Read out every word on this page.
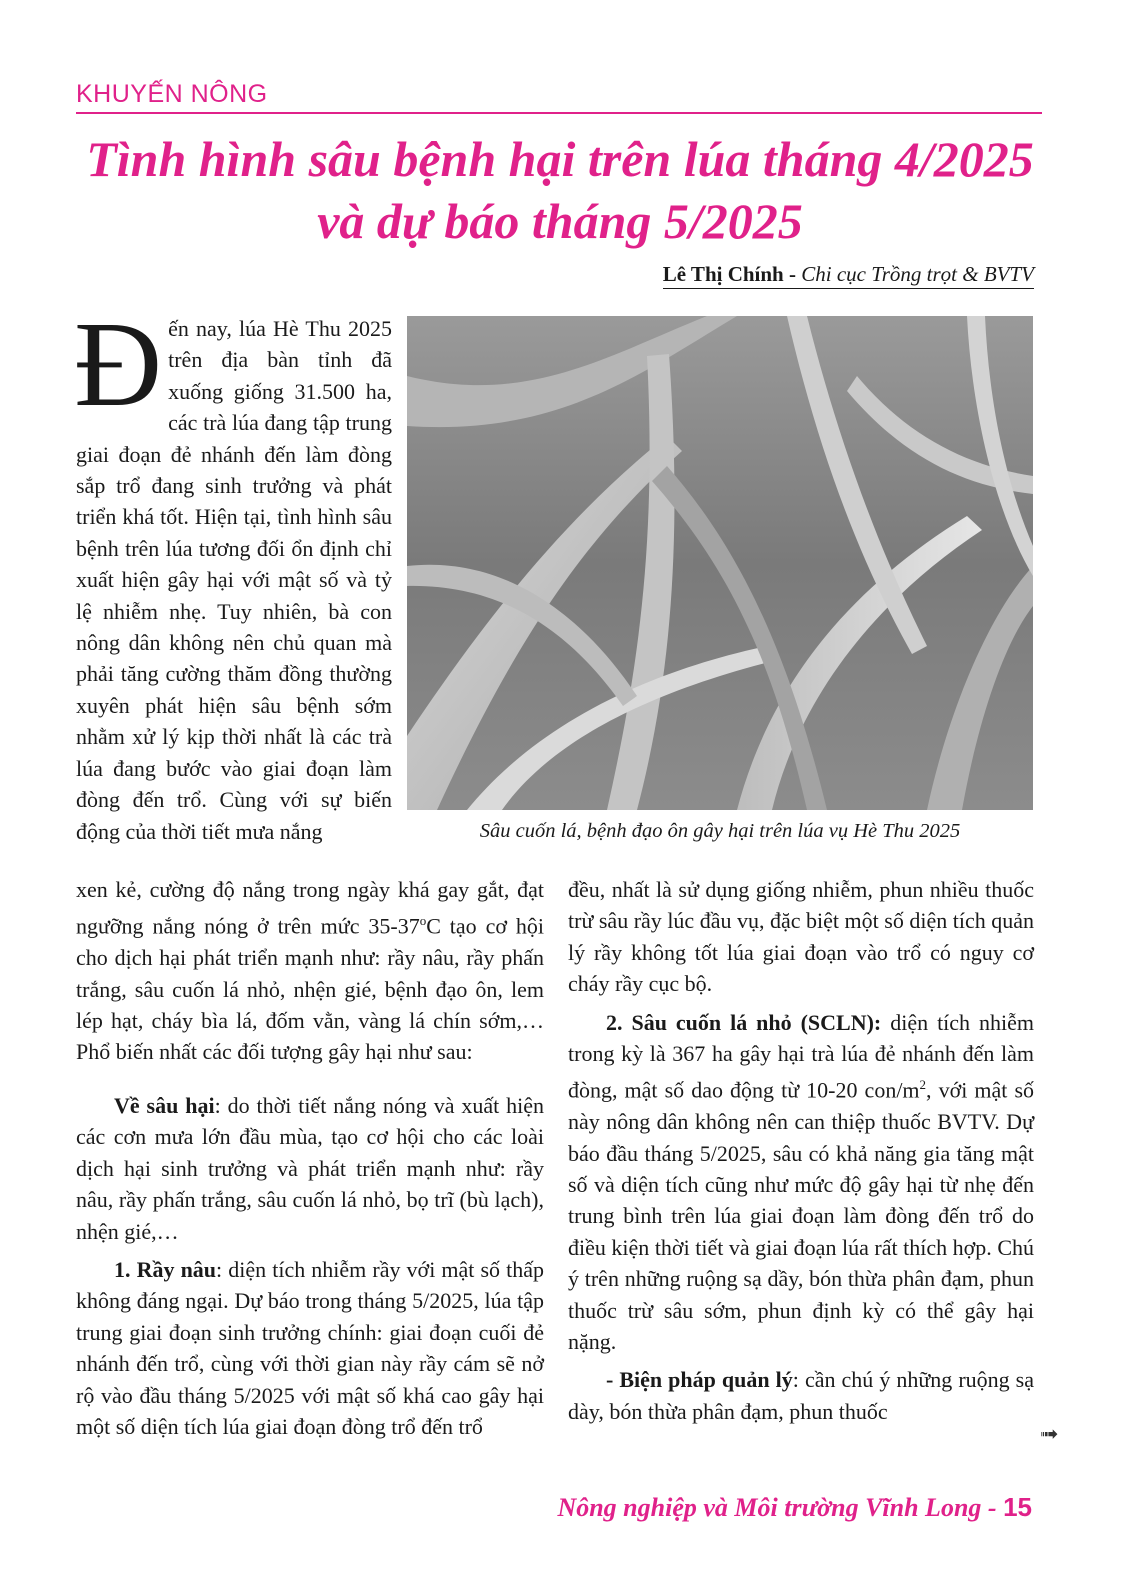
KHUYẾN NÔNG
Tình hình sâu bệnh hại trên lúa tháng 4/2025
và dự báo tháng 5/2025
Lê Thị Chính - Chi cục Trồng trọt & BVTV

Đến nay, lúa Hè Thu 2025 trên địa bàn tỉnh đã xuống giống 31.500 ha, các trà lúa đang tập trung giai đoạn đẻ nhánh đến làm đòng sắp trổ đang sinh trưởng và phát triển khá tốt. Hiện tại, tình hình sâu bệnh trên lúa tương đối ổn định chỉ xuất hiện gây hại với mật số và tỷ lệ nhiễm nhẹ. Tuy nhiên, bà con nông dân không nên chủ quan mà phải tăng cường thăm đồng thường xuyên phát hiện sâu bệnh sớm nhằm xử lý kịp thời nhất là các trà lúa đang bước vào giai đoạn làm đòng đến trổ. Cùng với sự biến động của thời tiết mưa nắng	Sâu cuốn lá, bệnh đạo ôn gây hại trên lúa vụ Hè Thu 2025

xen kẻ, cường độ nắng trong ngày khá gay gắt, đạt ngưỡng nắng nóng ở trên mức 35-37$^o$C tạo cơ hội cho dịch hại phát triển mạnh như: rầy nâu, rầy phấn trắng, sâu cuốn lá nhỏ, nhện gié, bệnh đạo ôn, lem lép hạt, cháy bìa lá, đốm vằn, vàng lá chín sớm,… Phổ biến nhất các đối tượng gây hại như sau:

Về sâu hại: do thời tiết nắng nóng và xuất hiện các cơn mưa lớn đầu mùa, tạo cơ hội cho các loài dịch hại sinh trưởng và phát triển mạnh như: rầy nâu, rầy phấn trắng, sâu cuốn lá nhỏ, bọ trĩ (bù lạch), nhện gié,…

1. Rầy nâu: diện tích nhiễm rầy với mật số thấp không đáng ngại. Dự báo trong tháng 5/2025, lúa tập trung giai đoạn sinh trưởng chính: giai đoạn cuối đẻ nhánh đến trổ, cùng với thời gian này rầy cám sẽ nở rộ vào đầu tháng 5/2025 với mật số khá cao gây hại một số diện tích lúa giai đoạn đòng trổ đến trổ

đều, nhất là sử dụng giống nhiễm, phun nhiều thuốc trừ sâu rầy lúc đầu vụ, đặc biệt một số diện tích quản lý rầy không tốt lúa giai đoạn vào trổ có nguy cơ cháy rầy cục bộ.

2. Sâu cuốn lá nhỏ (SCLN): diện tích nhiễm trong kỳ là 367 ha gây hại trà lúa đẻ nhánh đến làm đòng, mật số dao động từ 10-20 con/$m^2$, với mật số này nông dân không nên can thiệp thuốc BVTV. Dự báo đầu tháng 5/2025, sâu có khả năng gia tăng mật số và diện tích cũng như mức độ gây hại từ nhẹ đến trung bình trên lúa giai đoạn làm đòng đến trổ do điều kiện thời tiết và giai đoạn lúa rất thích hợp. Chú ý trên những ruộng sạ dầy, bón thừa phân đạm, phun thuốc trừ sâu sớm, phun định kỳ có thể gây hại nặng.

- Biện pháp quản lý: cần chú ý những ruộng sạ dày, bón thừa phân đạm, phun thuốc

➟
Nông nghiệp và Môi trường Vĩnh Long - 15
